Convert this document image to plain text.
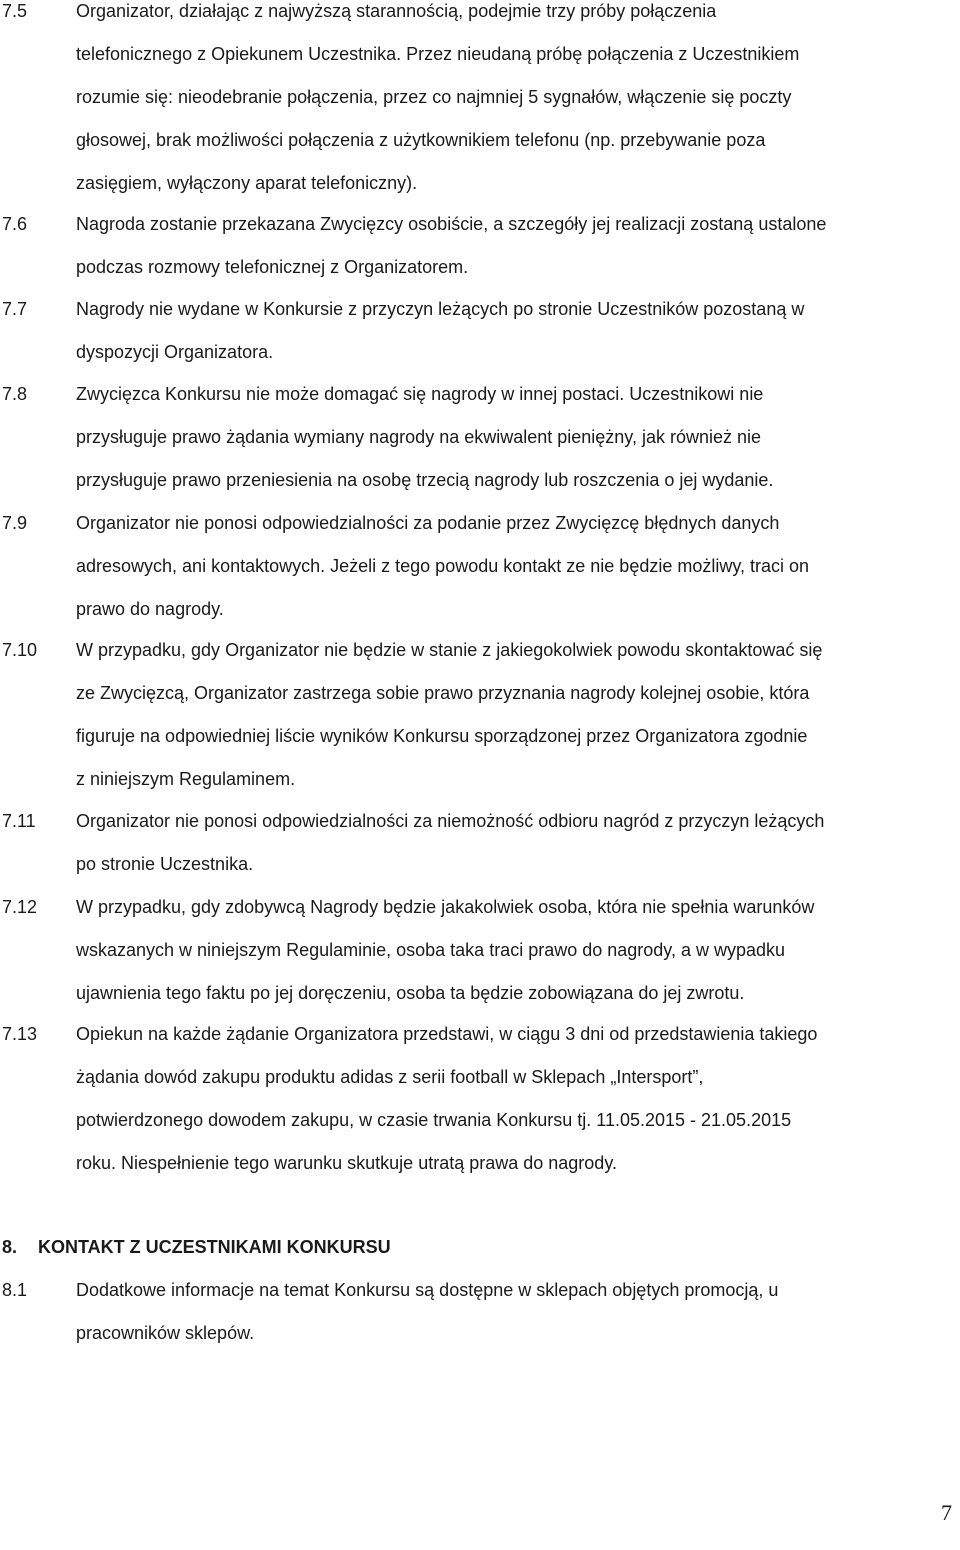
7.5	Organizator, działając z najwyższą starannością, podejmie trzy próby połączenia
telefonicznego z Opiekunem Uczestnika. Przez nieudaną próbę połączenia z Uczestnikiem
rozumie się: nieodebranie połączenia, przez co najmniej 5 sygnałów, włączenie się poczty
głosowej, brak możliwości połączenia z użytkownikiem telefonu (np. przebywanie poza
zasięgiem, wyłączony aparat telefoniczny).
7.6	Nagroda zostanie przekazana Zwycięzcy osobiście, a szczegóły jej realizacji zostaną ustalone
podczas rozmowy telefonicznej z Organizatorem.
7.7	Nagrody nie wydane w Konkursie z przyczyn leżących po stronie Uczestników pozostaną w
dyspozycji Organizatora.
7.8	Zwycięzca Konkursu nie może domagać się nagrody w innej postaci. Uczestnikowi nie
przysługuje prawo żądania wymiany nagrody na ekwiwalent pieniężny, jak również nie
przysługuje prawo przeniesienia na osobę trzecią nagrody lub roszczenia o jej wydanie.
7.9	Organizator nie ponosi odpowiedzialności za podanie przez Zwycięzcę błędnych danych
adresowych, ani kontaktowych. Jeżeli z tego powodu kontakt ze nie będzie możliwy, traci on
prawo do nagrody.
7.10	W przypadku, gdy Organizator nie będzie w stanie z jakiegokolwiek powodu skontaktować się
ze Zwycięzcą, Organizator zastrzega sobie prawo przyznania nagrody kolejnej osobie, która
figuruje na odpowiedniej liście wyników Konkursu sporządzonej przez Organizatora zgodnie
z niniejszym Regulaminem.
7.11	Organizator nie ponosi odpowiedzialności za niemożność odbioru nagród z przyczyn leżących
po stronie Uczestnika.
7.12	W przypadku, gdy zdobywcą Nagrody będzie jakakolwiek osoba, która nie spełnia warunków
wskazanych w niniejszym Regulaminie, osoba taka traci prawo do nagrody, a w wypadku
ujawnienia tego faktu po jej doręczeniu, osoba ta będzie zobowiązana do jej zwrotu.
7.13	Opiekun na każde żądanie Organizatora przedstawi, w ciągu 3 dni od przedstawienia takiego
żądania dowód zakupu produktu adidas z serii football w Sklepach „Intersport”,
potwierdzonego dowodem zakupu, w czasie trwania Konkursu tj. 11.05.2015 - 21.05.2015
roku. Niespełnienie tego warunku skutkuje utratą prawa do nagrody.
8. KONTAKT Z UCZESTNIKAMI KONKURSU
8.1	Dodatkowe informacje na temat Konkursu są dostępne w sklepach objętych promocją, u
pracowników sklepów.
7
